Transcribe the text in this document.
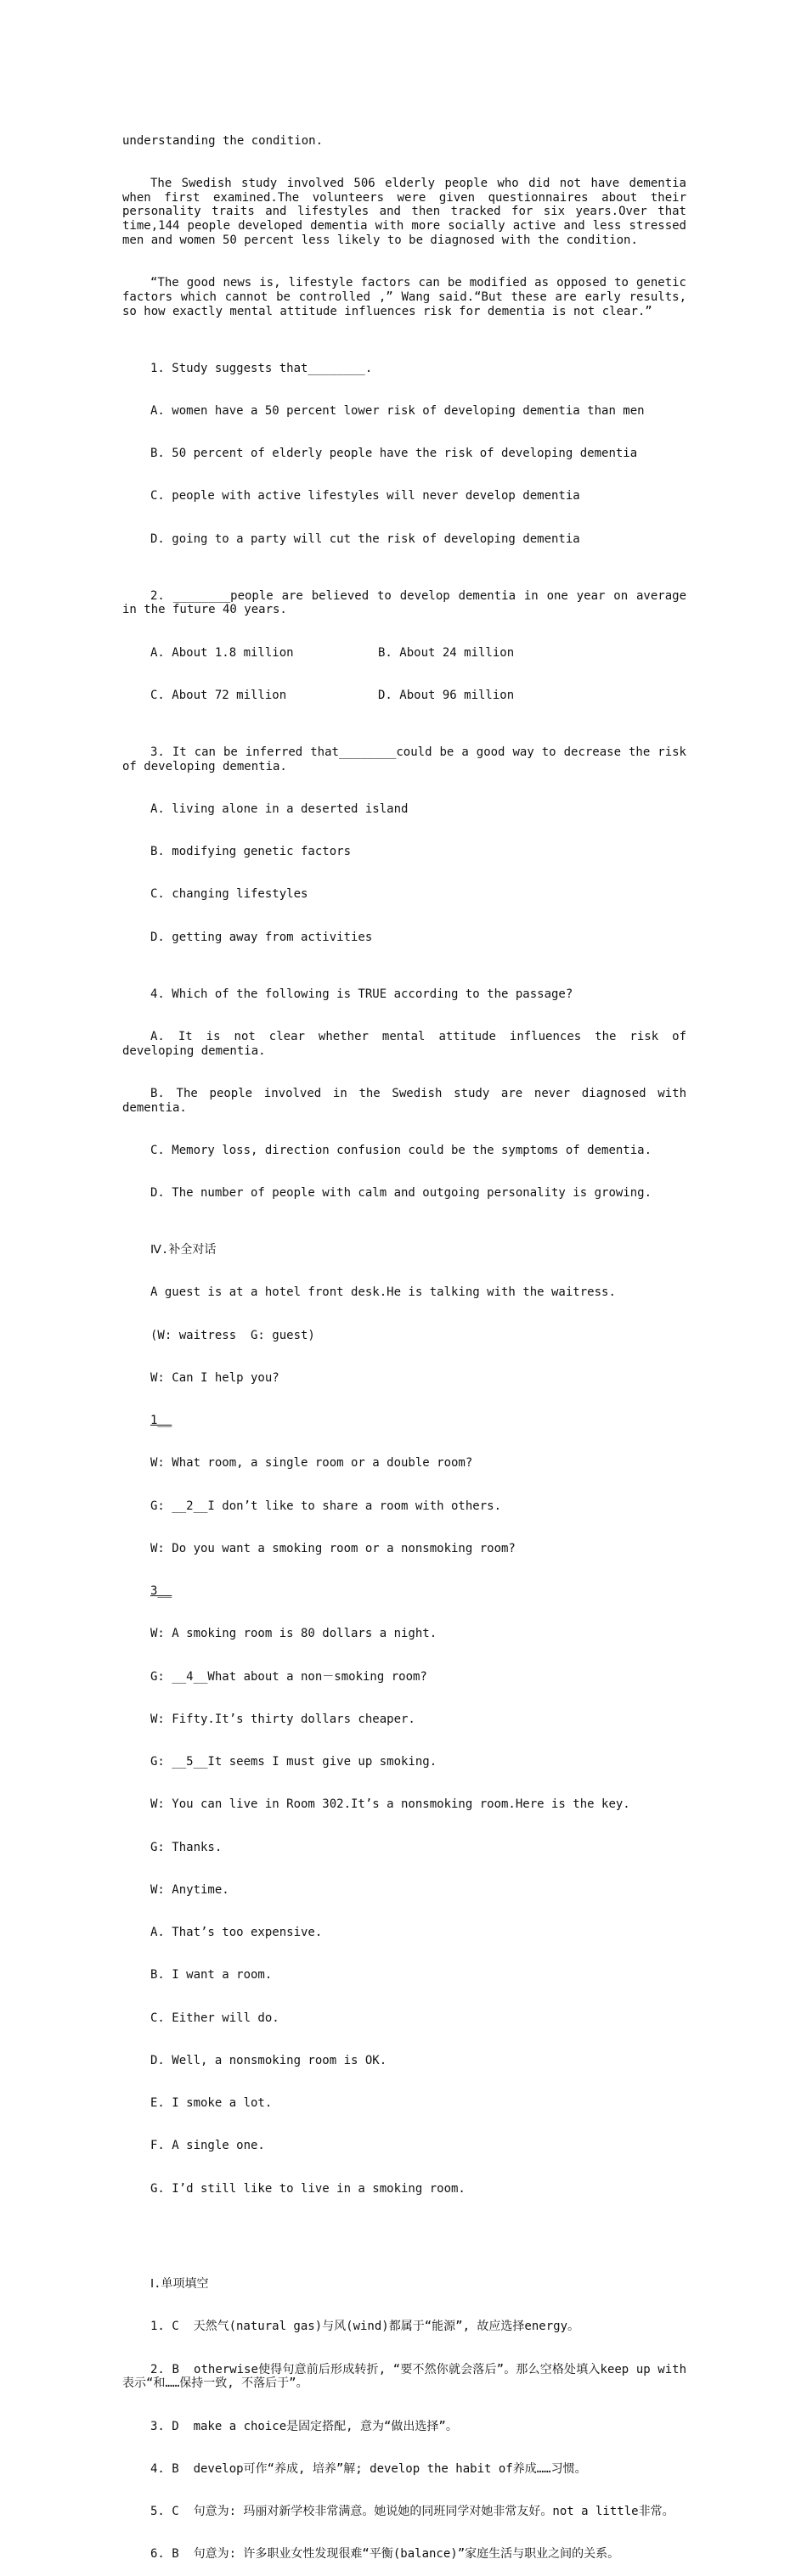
understanding the condition.

The Swedish study involved 506 elderly people who did not have dementia when first examined.The volunteers were given questionnaires about their personality traits and lifestyles and then tracked for six years.Over that time,144 people developed dementia with more socially active and less stressed men and women 50 percent less likely to be diagnosed with the condition.

“The good news is, lifestyle factors can be modified as opposed to genetic factors which cannot be controlled ,” Wang said.“But these are early results, so how exactly mental attitude influences risk for dementia is not clear.”

1. Study suggests that________.

A. women have a 50 percent lower risk of developing dementia than men

B. 50 percent of elderly people have the risk of developing dementia

C. people with active lifestyles will never develop dementia

D. going to a party will cut the risk of developing dementia

2. ________people are believed to develop dementia in one year on average in the future 40 years.

A. About 1.8 million	B. About 24 million

C. About 72 million	D. About 96 million

3. It can be inferred that________could be a good way to decrease the risk of developing dementia.

A. living alone in a deserted island

B. modifying genetic factors

C. changing lifestyles

D. getting away from activities

4. Which of the following is TRUE according to the passage?

A. It is not clear whether mental attitude influences the risk of developing dementia.

B. The people involved in the Swedish study are never diagnosed with dementia.

C. Memory loss, direction confusion could be the symptoms of dementia.

D. The number of people with calm and outgoing personality is growing.

Ⅳ.补全对话

A guest is at a hotel front desk.He is talking with the waitress.

(W: waitress  G: guest)

W: Can I help you?

1__

W: What room, a single room or a double room?

G: __2__I don’t like to share a room with others.

W: Do you want a smoking room or a nonsmoking room?

3__

W: A smoking room is 80 dollars a night.

G: __4__What about a non－smoking room?

W: Fifty.It’s thirty dollars cheaper.

G: __5__It seems I must give up smoking.

W: You can live in Room 302.It’s a nonsmoking room.Here is the key.

G: Thanks.

W: Anytime.

A. That’s too expensive.

B. I want a room.

C. Either will do.

D. Well, a nonsmoking room is OK.

E. I smoke a lot.

F. A single one.

G. I’d still like to live in a smoking room.

Ⅰ.单项填空

1. C  天然气(natural gas)与风(wind)都属于“能源”, 故应选择energy。

2. B  otherwise使得句意前后形成转折, “要不然你就会落后”。那么空格处填入keep up with表示“和……保持一致, 不落后于”。

3. D  make a choice是固定搭配, 意为“做出选择”。

4. B  develop可作“养成, 培养”解; develop the habit of养成……习惯。

5. C  句意为: 玛丽对新学校非常满意。她说她的同班同学对她非常友好。not a little非常。

6. B  句意为: 许多职业女性发现很难“平衡(balance)”家庭生活与职业之间的关系。
